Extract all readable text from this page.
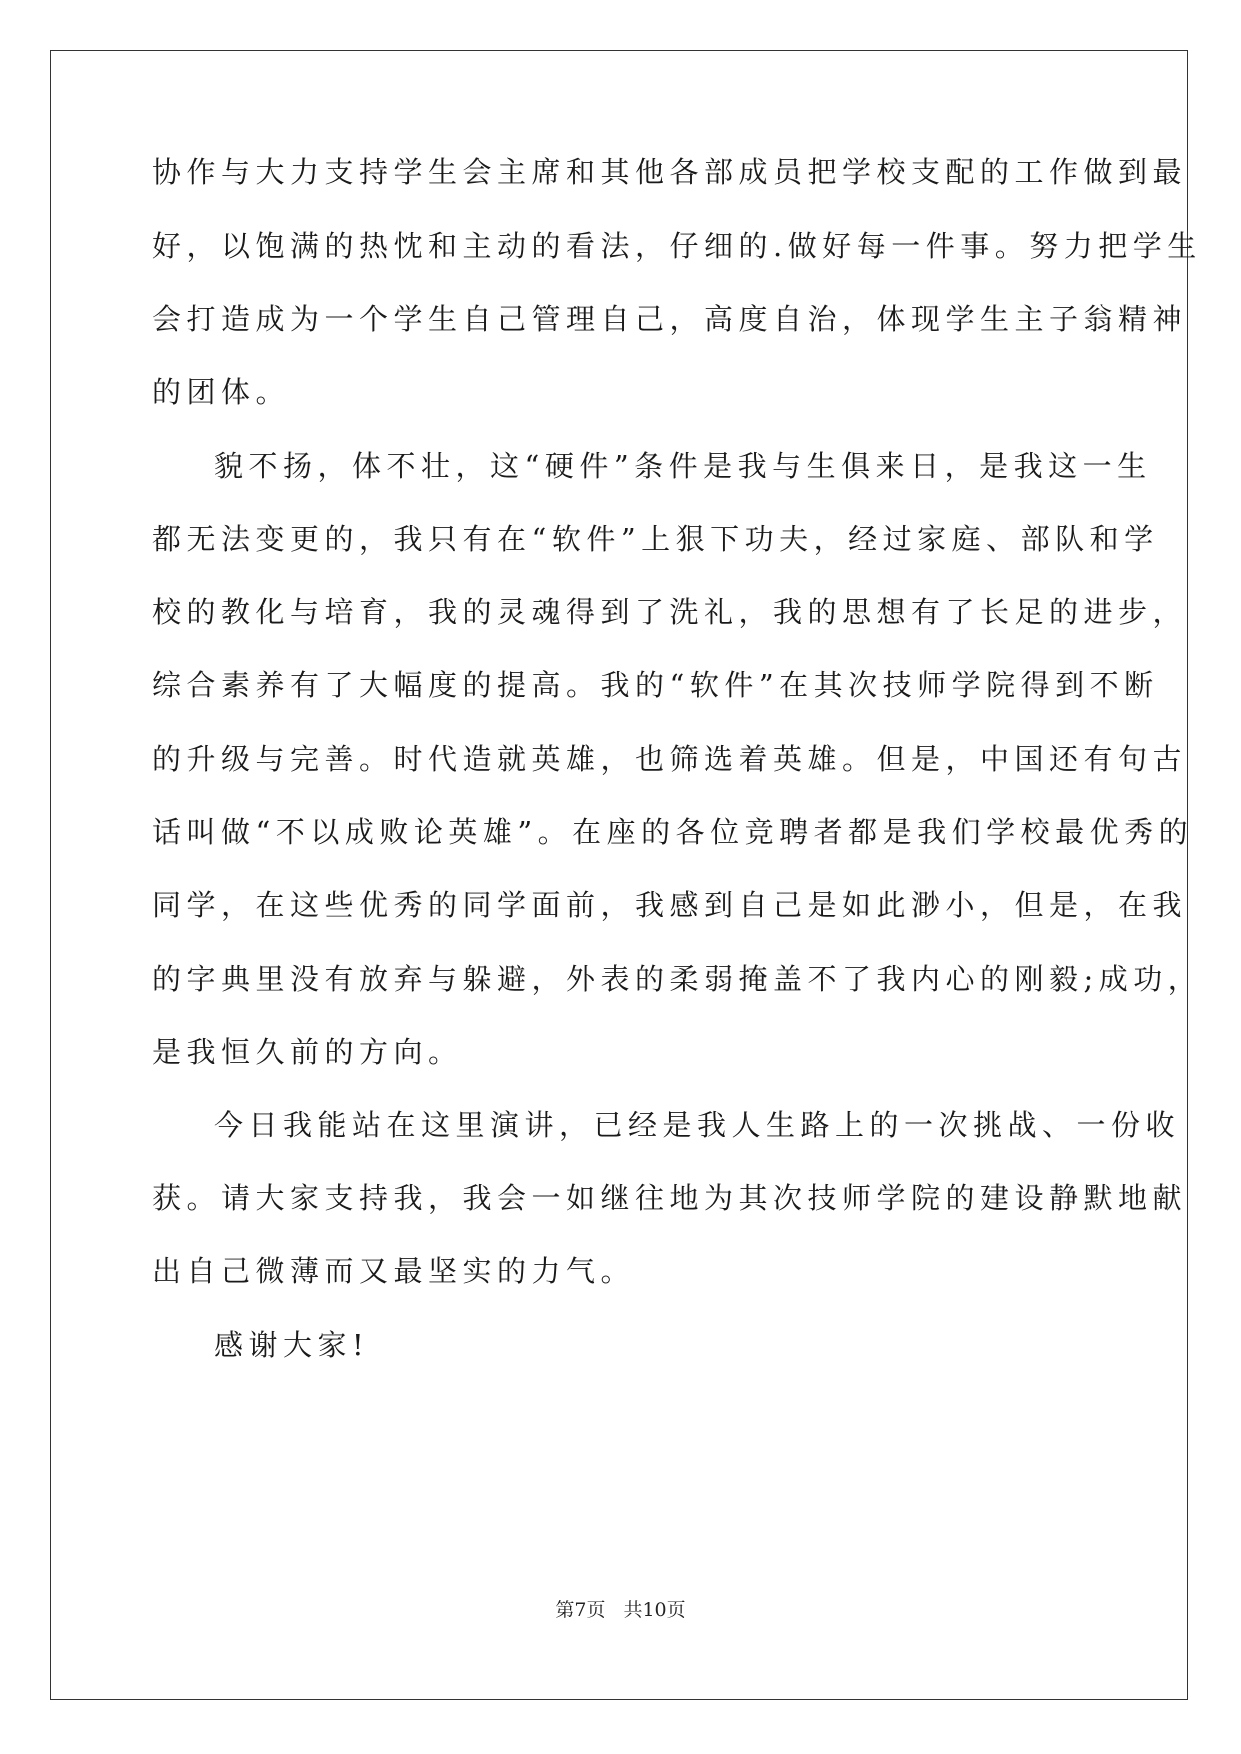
协作与大力支持学生会主席和其他各部成员把学校支配的工作做到最
好，以饱满的热忱和主动的看法，仔细的.做好每一件事。努力把学生
会打造成为一个学生自己管理自己，高度自治，体现学生主子翁精神
的团体。
貌不扬，体不壮，这“硬件”条件是我与生俱来日，是我这一生
都无法变更的，我只有在“软件”上狠下功夫，经过家庭、部队和学
校的教化与培育，我的灵魂得到了洗礼，我的思想有了长足的进步，
综合素养有了大幅度的提高。我的“软件”在其次技师学院得到不断
的升级与完善。时代造就英雄，也筛选着英雄。但是，中国还有句古
话叫做“不以成败论英雄”。在座的各位竞聘者都是我们学校最优秀的
同学，在这些优秀的同学面前，我感到自己是如此渺小，但是，在我
的字典里没有放弃与躲避，外表的柔弱掩盖不了我内心的刚毅;成功，
是我恒久前的方向。
今日我能站在这里演讲，已经是我人生路上的一次挑战、一份收
获。请大家支持我，我会一如继往地为其次技师学院的建设静默地献
出自己微薄而又最坚实的力气。
感谢大家!
第7页 共10页
